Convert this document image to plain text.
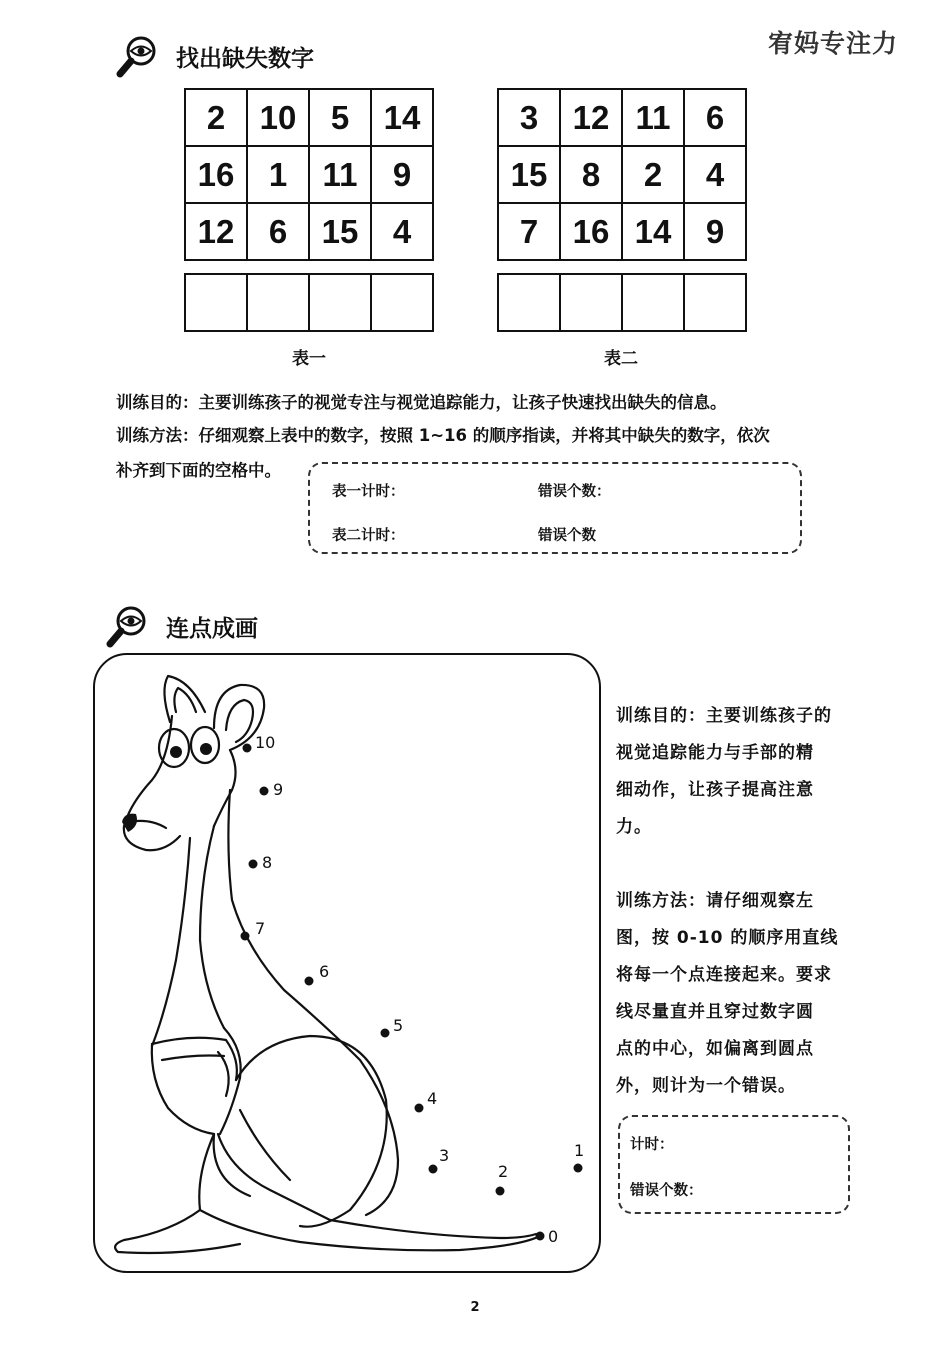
宥妈专注力
找出缺失数字
2	10	5	14
16	1	11	9
12	6	15	4

表一
3	12	11	6
15	8	2	4
7	16	14	9

表二
训练目的：主要训练孩子的视觉专注与视觉追踪能力，让孩子快速找出缺失的信息。
训练方法：仔细观察上表中的数字，按照 1~16 的顺序指读，并将其中缺失的数字，依次
补齐到下面的空格中。
表一计时：	错误个数：
表二计时：	错误个数
连点成画
0
1
2
3
4
5
6
7
8
9
10
训练目的：主要训练孩子的
视觉追踪能力与手部的精
细动作，让孩子提高注意
力。
训练方法：请仔细观察左
图，按 0-10 的顺序用直线
将每一个点连接起来。要求
线尽量直并且穿过数字圆
点的中心，如偏离到圆点
外，则计为一个错误。
计时：
错误个数：
2
